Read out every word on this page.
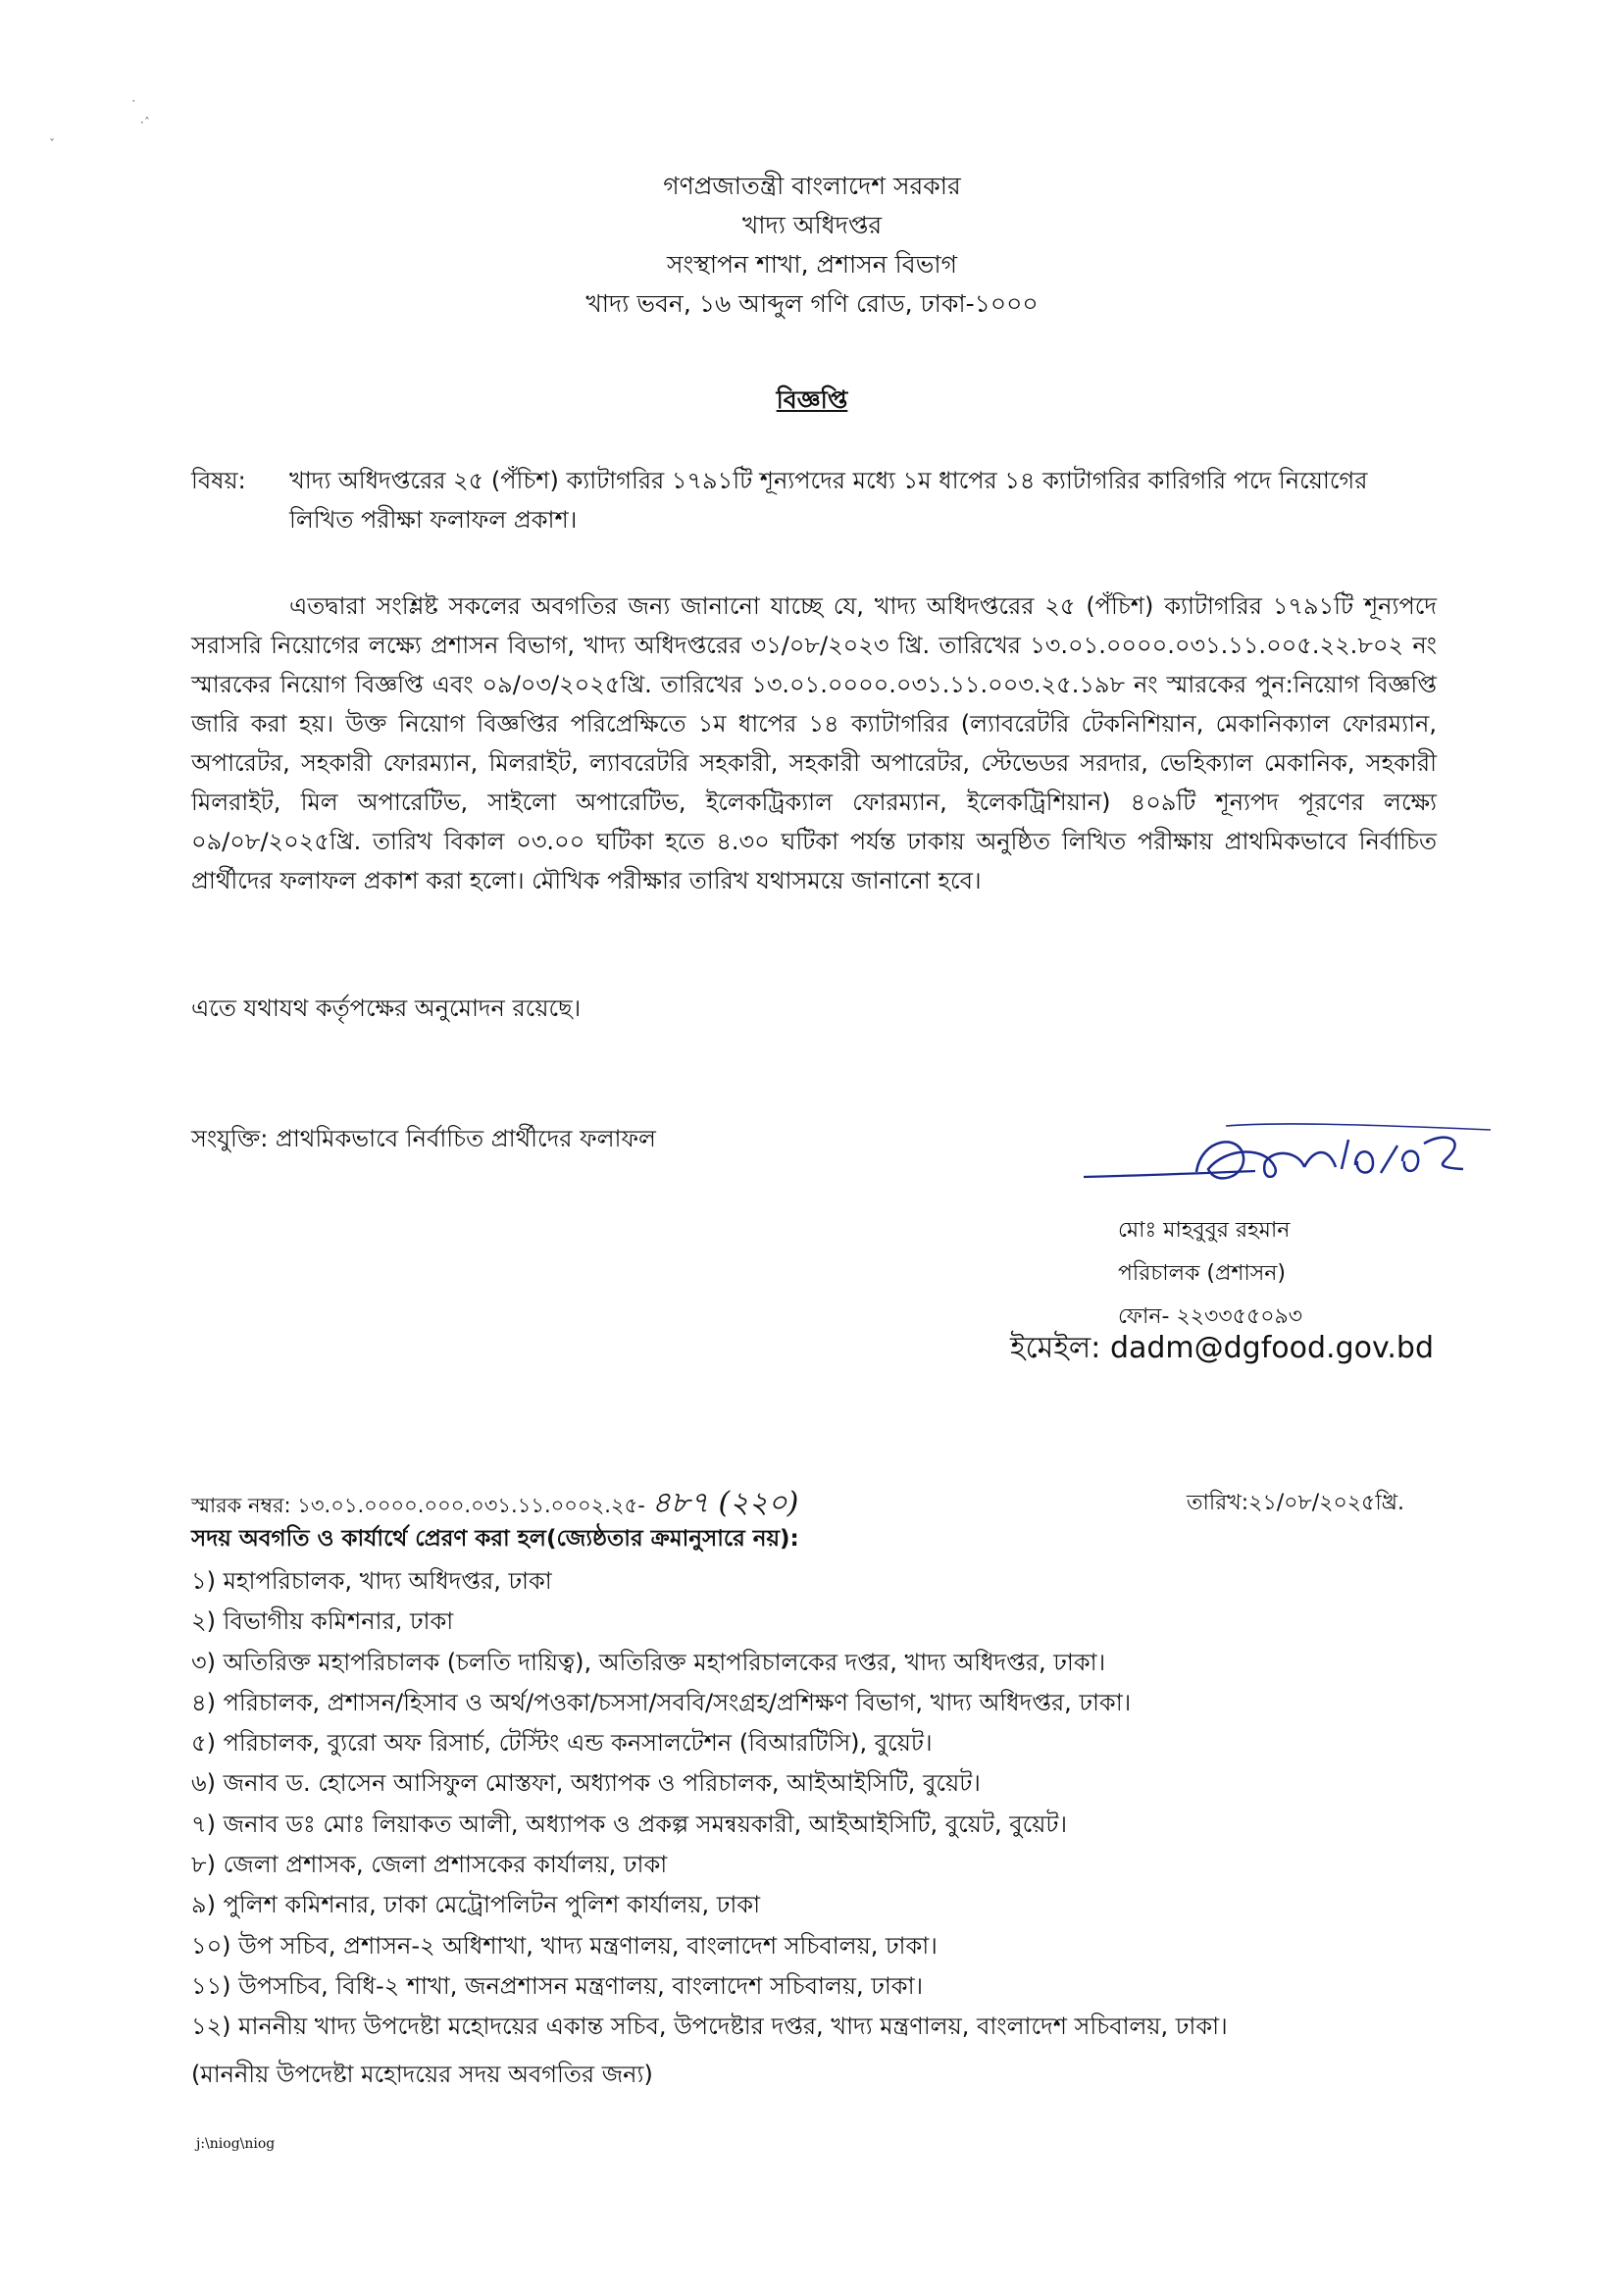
٠
·ˆ
ˇ
গণপ্রজাতন্ত্রী বাংলাদেশ সরকার
খাদ্য অধিদপ্তর
সংস্থাপন শাখা, প্রশাসন বিভাগ
খাদ্য ভবন, ১৬ আব্দুল গণি রোড, ঢাকা-১০০০
বিজ্ঞপ্তি
বিষয়:	খাদ্য অধিদপ্তরের ২৫ (পঁচিশ) ক্যাটাগরির ১৭৯১টি শূন্যপদের মধ্যে ১ম ধাপের ১৪ ক্যাটাগরির কারিগরি পদে নিয়োগের লিখিত পরীক্ষা ফলাফল প্রকাশ।

এতদ্বারা সংশ্লিষ্ট সকলের অবগতির জন্য জানানো যাচ্ছে যে, খাদ্য অধিদপ্তরের ২৫ (পঁচিশ) ক্যাটাগরির ১৭৯১টি শূন্যপদে সরাসরি নিয়োগের লক্ষ্যে প্রশাসন বিভাগ, খাদ্য অধিদপ্তরের ৩১/০৮/২০২৩ খ্রি. তারিখের ১৩.০১.০০০০.০৩১.১১.০০৫.২২.৮০২ নং স্মারকের নিয়োগ বিজ্ঞপ্তি এবং ০৯/০৩/২০২৫খ্রি. তারিখের ১৩.০১.০০০০.০৩১.১১.০০৩.২৫.১৯৮ নং স্মারকের পুন:নিয়োগ বিজ্ঞপ্তি জারি করা হয়। উক্ত নিয়োগ বিজ্ঞপ্তির পরিপ্রেক্ষিতে ১ম ধাপের ১৪ ক্যাটাগরির (ল্যাবরেটরি টেকনিশিয়ান, মেকানিক্যাল ফোরম্যান, অপারেটর, সহকারী ফোরম্যান, মিলরাইট, ল্যাবরেটরি সহকারী, সহকারী অপারেটর, স্টেভেডর সরদার, ভেহিক্যাল মেকানিক, সহকারী মিলরাইট, মিল অপারেটিভ, সাইলো অপারেটিভ, ইলেকট্রিক্যাল ফোরম্যান, ইলেকট্রিশিয়ান) ৪০৯টি শূন্যপদ পূরণের লক্ষ্যে ০৯/০৮/২০২৫খ্রি. তারিখ বিকাল ০৩.০০ ঘটিকা হতে ৪.৩০ ঘটিকা পর্যন্ত ঢাকায় অনুষ্ঠিত লিখিত পরীক্ষায় প্রাথমিকভাবে নির্বাচিত প্রার্থীদের ফলাফল প্রকাশ করা হলো। মৌখিক পরীক্ষার তারিখ যথাসময়ে জানানো হবে।

এতে যথাযথ কর্তৃপক্ষের অনুমোদন রয়েছে।
সংযুক্তি: প্রাথমিকভাবে নির্বাচিত প্রার্থীদের ফলাফল
মোঃ মাহবুবুর রহমান
পরিচালক (প্রশাসন)
ফোন- ২২৩৩৫৫০৯৩
ইমেইল: dadm@dgfood.gov.bd
স্মারক নম্বর: ১৩.০১.০০০০.০০০.০৩১.১১.০০০২.২৫- ৪৮৭ (২২০)	তারিখ:২১/০৮/২০২৫খ্রি.
সদয় অবগতি ও কার্যার্থে প্রেরণ করা হল(জ্যেষ্ঠতার ক্রমানুসারে নয়):
১) মহাপরিচালক, খাদ্য অধিদপ্তর, ঢাকা
২) বিভাগীয় কমিশনার, ঢাকা
৩) অতিরিক্ত মহাপরিচালক (চলতি দায়িত্ব), অতিরিক্ত মহাপরিচালকের দপ্তর, খাদ্য অধিদপ্তর, ঢাকা।
৪) পরিচালক, প্রশাসন/হিসাব ও অর্থ/পওকা/চসসা/সববি/সংগ্রহ/প্রশিক্ষণ বিভাগ, খাদ্য অধিদপ্তর, ঢাকা।
৫) পরিচালক, ব্যুরো অফ রিসার্চ, টেস্টিং এন্ড কনসালটেশন (বিআরটিসি), বুয়েট।
৬) জনাব ড. হোসেন আসিফুল মোস্তফা, অধ্যাপক ও পরিচালক, আইআইসিটি, বুয়েট।
৭) জনাব ডঃ মোঃ লিয়াকত আলী, অধ্যাপক ও প্রকল্প সমন্বয়কারী, আইআইসিটি, বুয়েট, বুয়েট।
৮) জেলা প্রশাসক, জেলা প্রশাসকের কার্যালয়, ঢাকা
৯) পুলিশ কমিশনার, ঢাকা মেট্রোপলিটন পুলিশ কার্যালয়, ঢাকা
১০) উপ সচিব, প্রশাসন-২ অধিশাখা, খাদ্য মন্ত্রণালয়, বাংলাদেশ সচিবালয়, ঢাকা।
১১) উপসচিব, বিধি-২ শাখা, জনপ্রশাসন মন্ত্রণালয়, বাংলাদেশ সচিবালয়, ঢাকা।
১২) মাননীয় খাদ্য উপদেষ্টা মহোদয়ের একান্ত সচিব, উপদেষ্টার দপ্তর, খাদ্য মন্ত্রণালয়, বাংলাদেশ সচিবালয়, ঢাকা।
(মাননীয় উপদেষ্টা মহোদয়ের সদয় অবগতির জন্য)
j:\niog\niog
